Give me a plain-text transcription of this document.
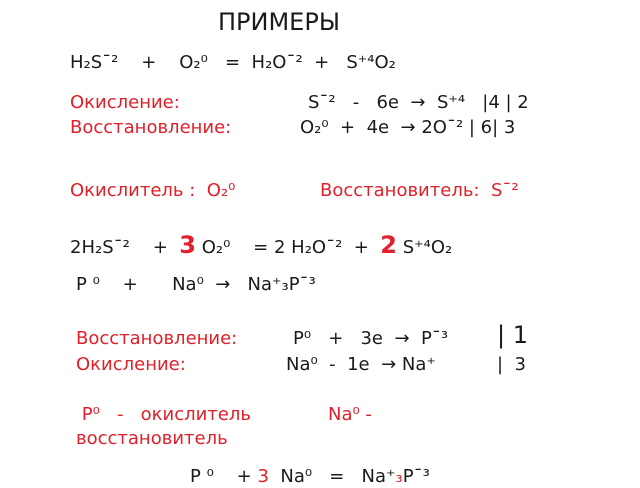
ПРИМЕРЫ
H₂S¯²    +    O₂⁰   =  H₂O¯²  +   S⁺⁴O₂
Окисление:	S¯²   -   6e  →  S⁺⁴   |4 | 2
Восстановление:	O₂⁰  +  4e  → 2O¯² | 6| 3
Окислитель :  O₂⁰	Восстановитель:  S¯²
2H₂S¯²    +  3 O₂⁰    = 2 H₂O¯²  +  2 S⁺⁴O₂
P ⁰    +      Na⁰  →   Na⁺₃P¯³
Восстановление:	P⁰   +   3e  →  P¯³ | 1
Окисление:	Na⁰  -  1e  → Na⁺	|  3
P⁰   -   окислитель	Na⁰ -
восстановитель
P ⁰    + 3  Na⁰   =   Na⁺₃P¯³
